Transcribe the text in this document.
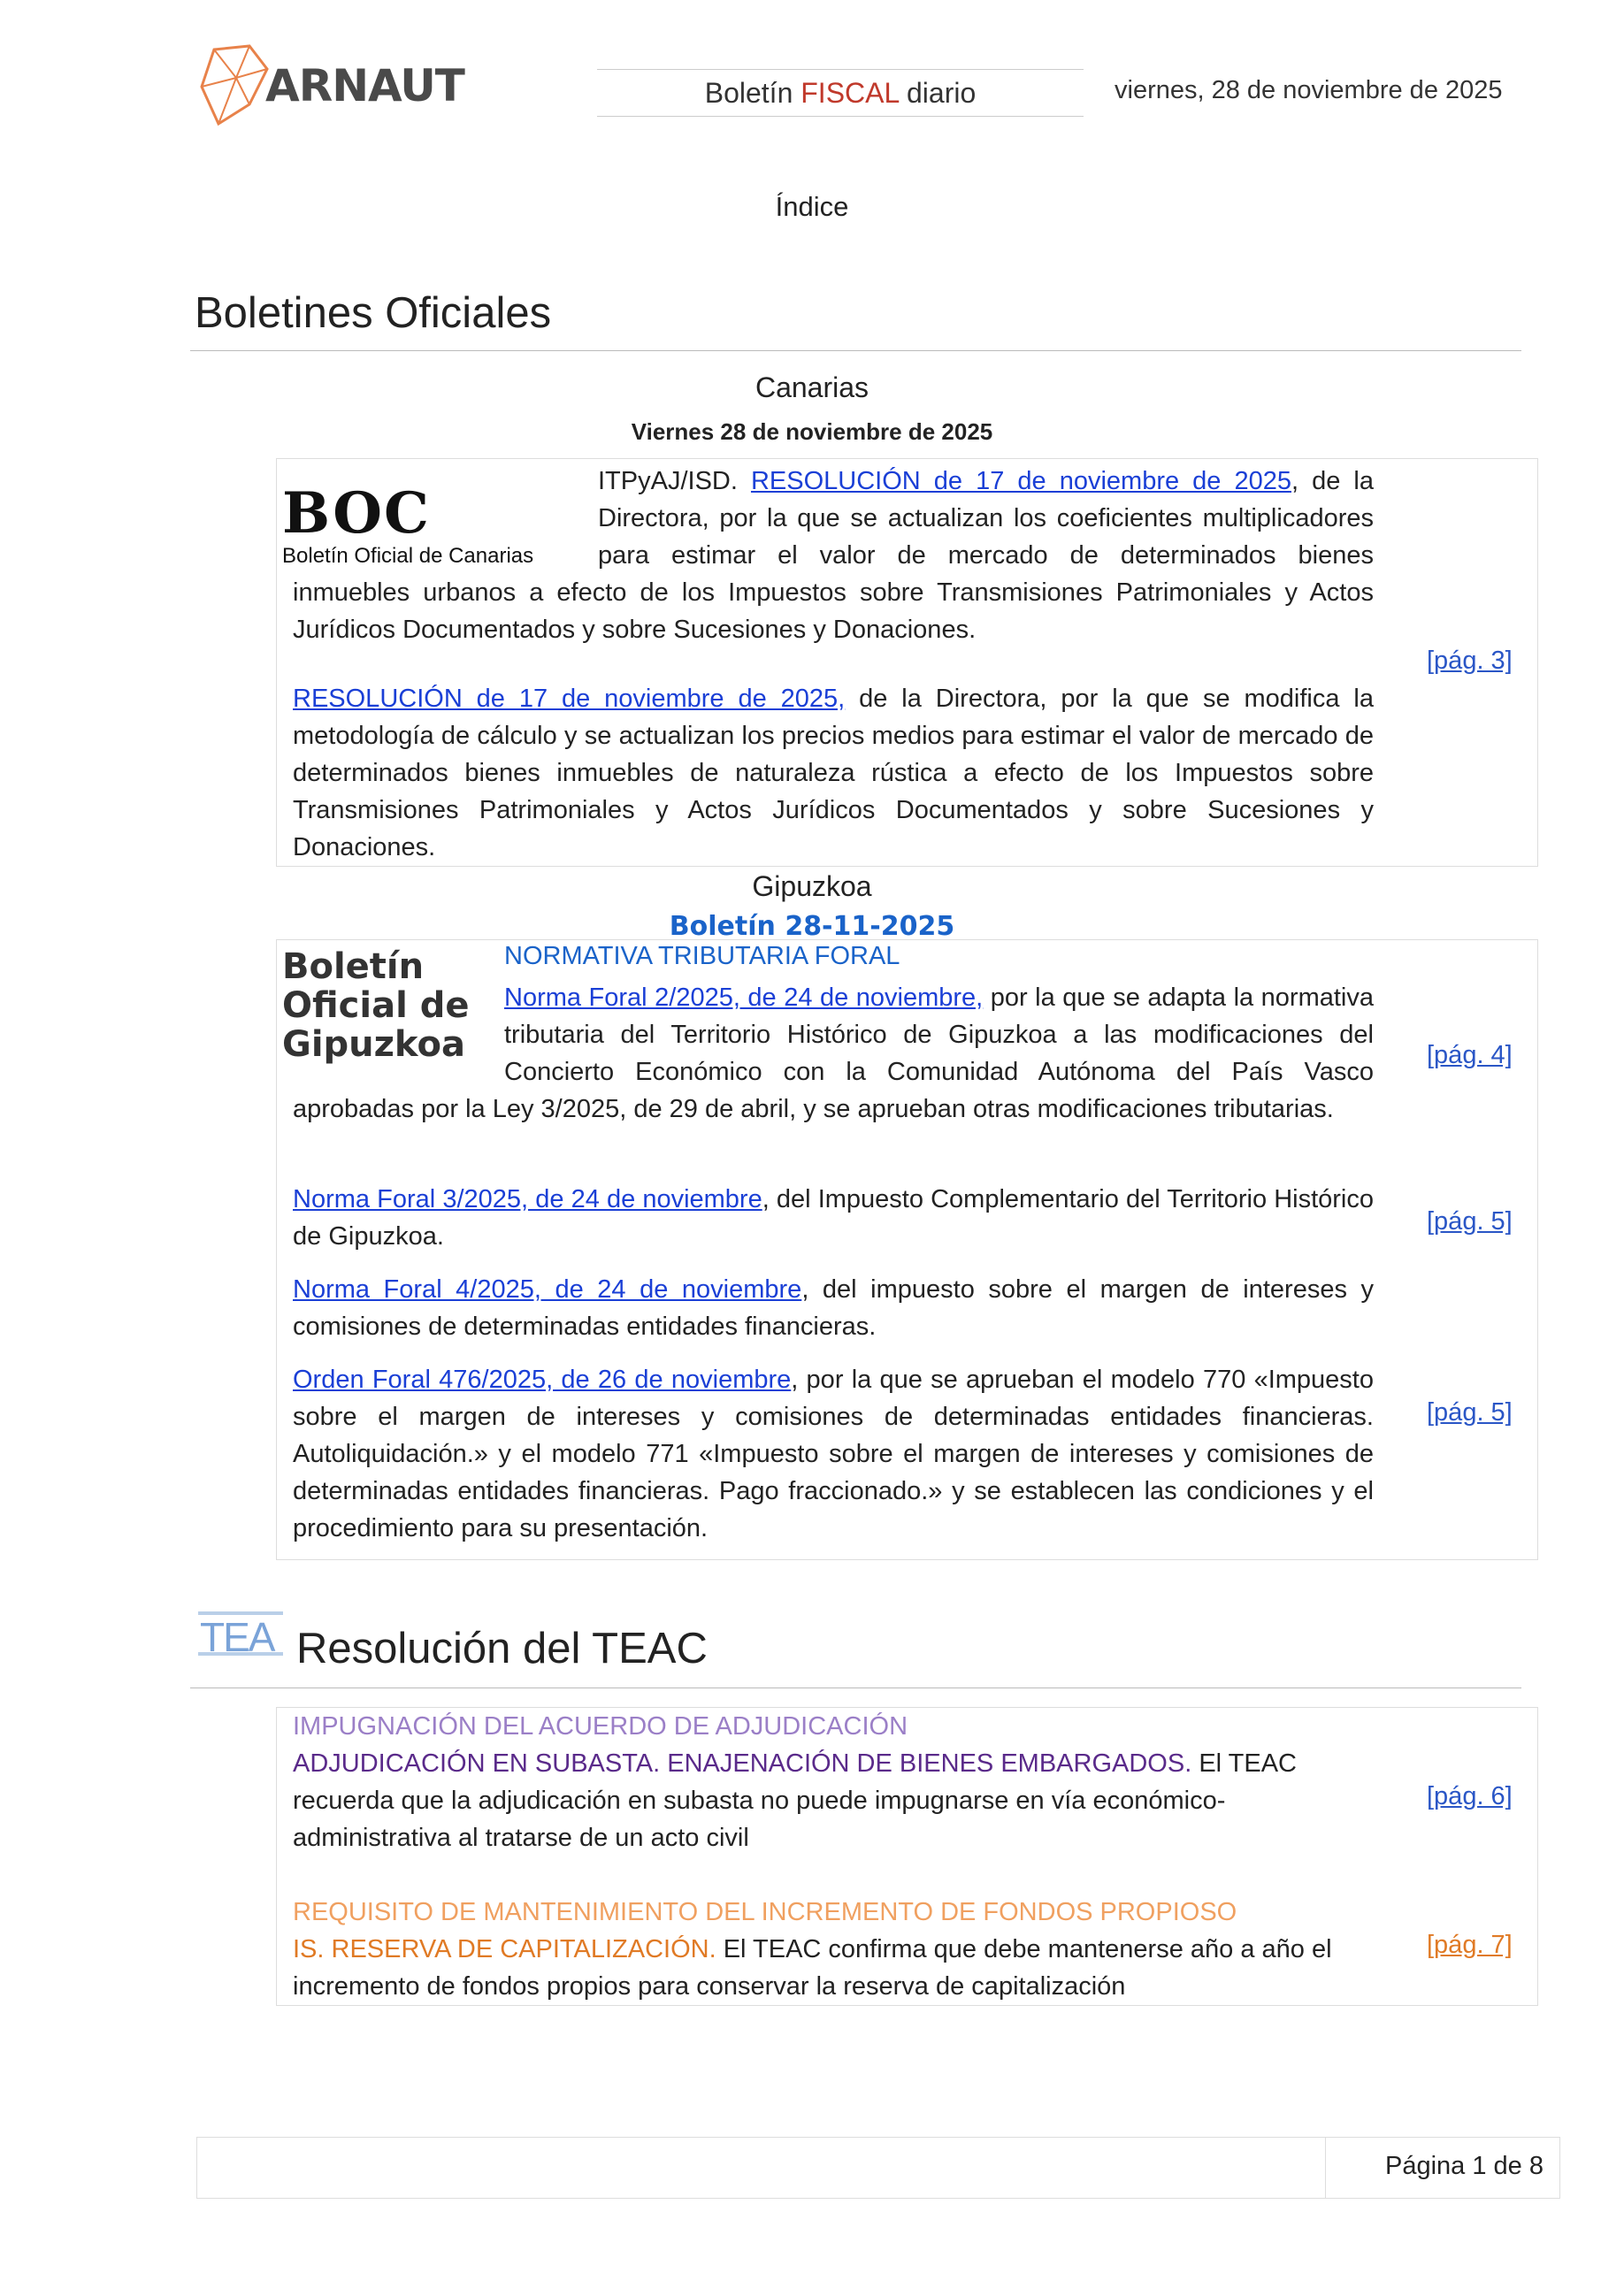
ARNAUT	Boletín FISCAL diario	viernes, 28 de noviembre de 2025
Índice
Boletines Oficiales
Canarias
Viernes 28 de noviembre de 2025
BOC
Boletín Oficial de Canarias
ITPyAJ/ISD. RESOLUCIÓN de 17 de noviembre de 2025, de la Directora, por la que se actualizan los coeficientes multiplicadores para estimar el valor de mercado de determinados bienes inmuebles urbanos a efecto de los Impuestos sobre Transmisiones Patrimoniales y Actos Jurídicos Documentados y sobre Sucesiones y Donaciones.
RESOLUCIÓN de 17 de noviembre de 2025, de la Directora, por la que se modifica la metodología de cálculo y se actualizan los precios medios para estimar el valor de mercado de determinados bienes inmuebles de naturaleza rústica a efecto de los Impuestos sobre Transmisiones Patrimoniales y Actos Jurídicos Documentados y sobre Sucesiones y Donaciones.
[pág. 3]
Gipuzkoa
Boletín 28-11-2025
Boletín
Oficial de
Gipuzkoa
NORMATIVA TRIBUTARIA FORAL
Norma Foral 2/2025, de 24 de noviembre, por la que se adapta la normativa tributaria del Territorio Histórico de Gipuzkoa a las modificaciones del Concierto Económico con la Comunidad Autónoma del País Vasco aprobadas por la Ley 3/2025, de 29 de abril, y se aprueban otras modificaciones tributarias.
[pág. 4]
Norma Foral 3/2025, de 24 de noviembre, del Impuesto Complementario del Territorio Histórico de Gipuzkoa.
[pág. 5]
Norma Foral 4/2025, de 24 de noviembre, del impuesto sobre el margen de intereses y comisiones de determinadas entidades financieras.
Orden Foral 476/2025, de 26 de noviembre, por la que se aprueban el modelo 770 «Impuesto sobre el margen de intereses y comisiones de determinadas entidades financieras. Autoliquidación.» y el modelo 771 «Impuesto sobre el margen de intereses y comisiones de determinadas entidades financieras. Pago fraccionado.» y se establecen las condiciones y el procedimiento para su presentación.
[pág. 5]
TEA Resolución del TEAC
IMPUGNACIÓN DEL ACUERDO DE ADJUDICACIÓN
ADJUDICACIÓN EN SUBASTA. ENAJENACIÓN DE BIENES EMBARGADOS. El TEAC recuerda que la adjudicación en subasta no puede impugnarse en vía económico-administrativa al tratarse de un acto civil
[pág. 6]
REQUISITO DE MANTENIMIENTO DEL INCREMENTO DE FONDOS PROPIOSO
IS. RESERVA DE CAPITALIZACIÓN. El TEAC confirma que debe mantenerse año a año el incremento de fondos propios para conservar la reserva de capitalización
[pág. 7]
Página 1 de 8
